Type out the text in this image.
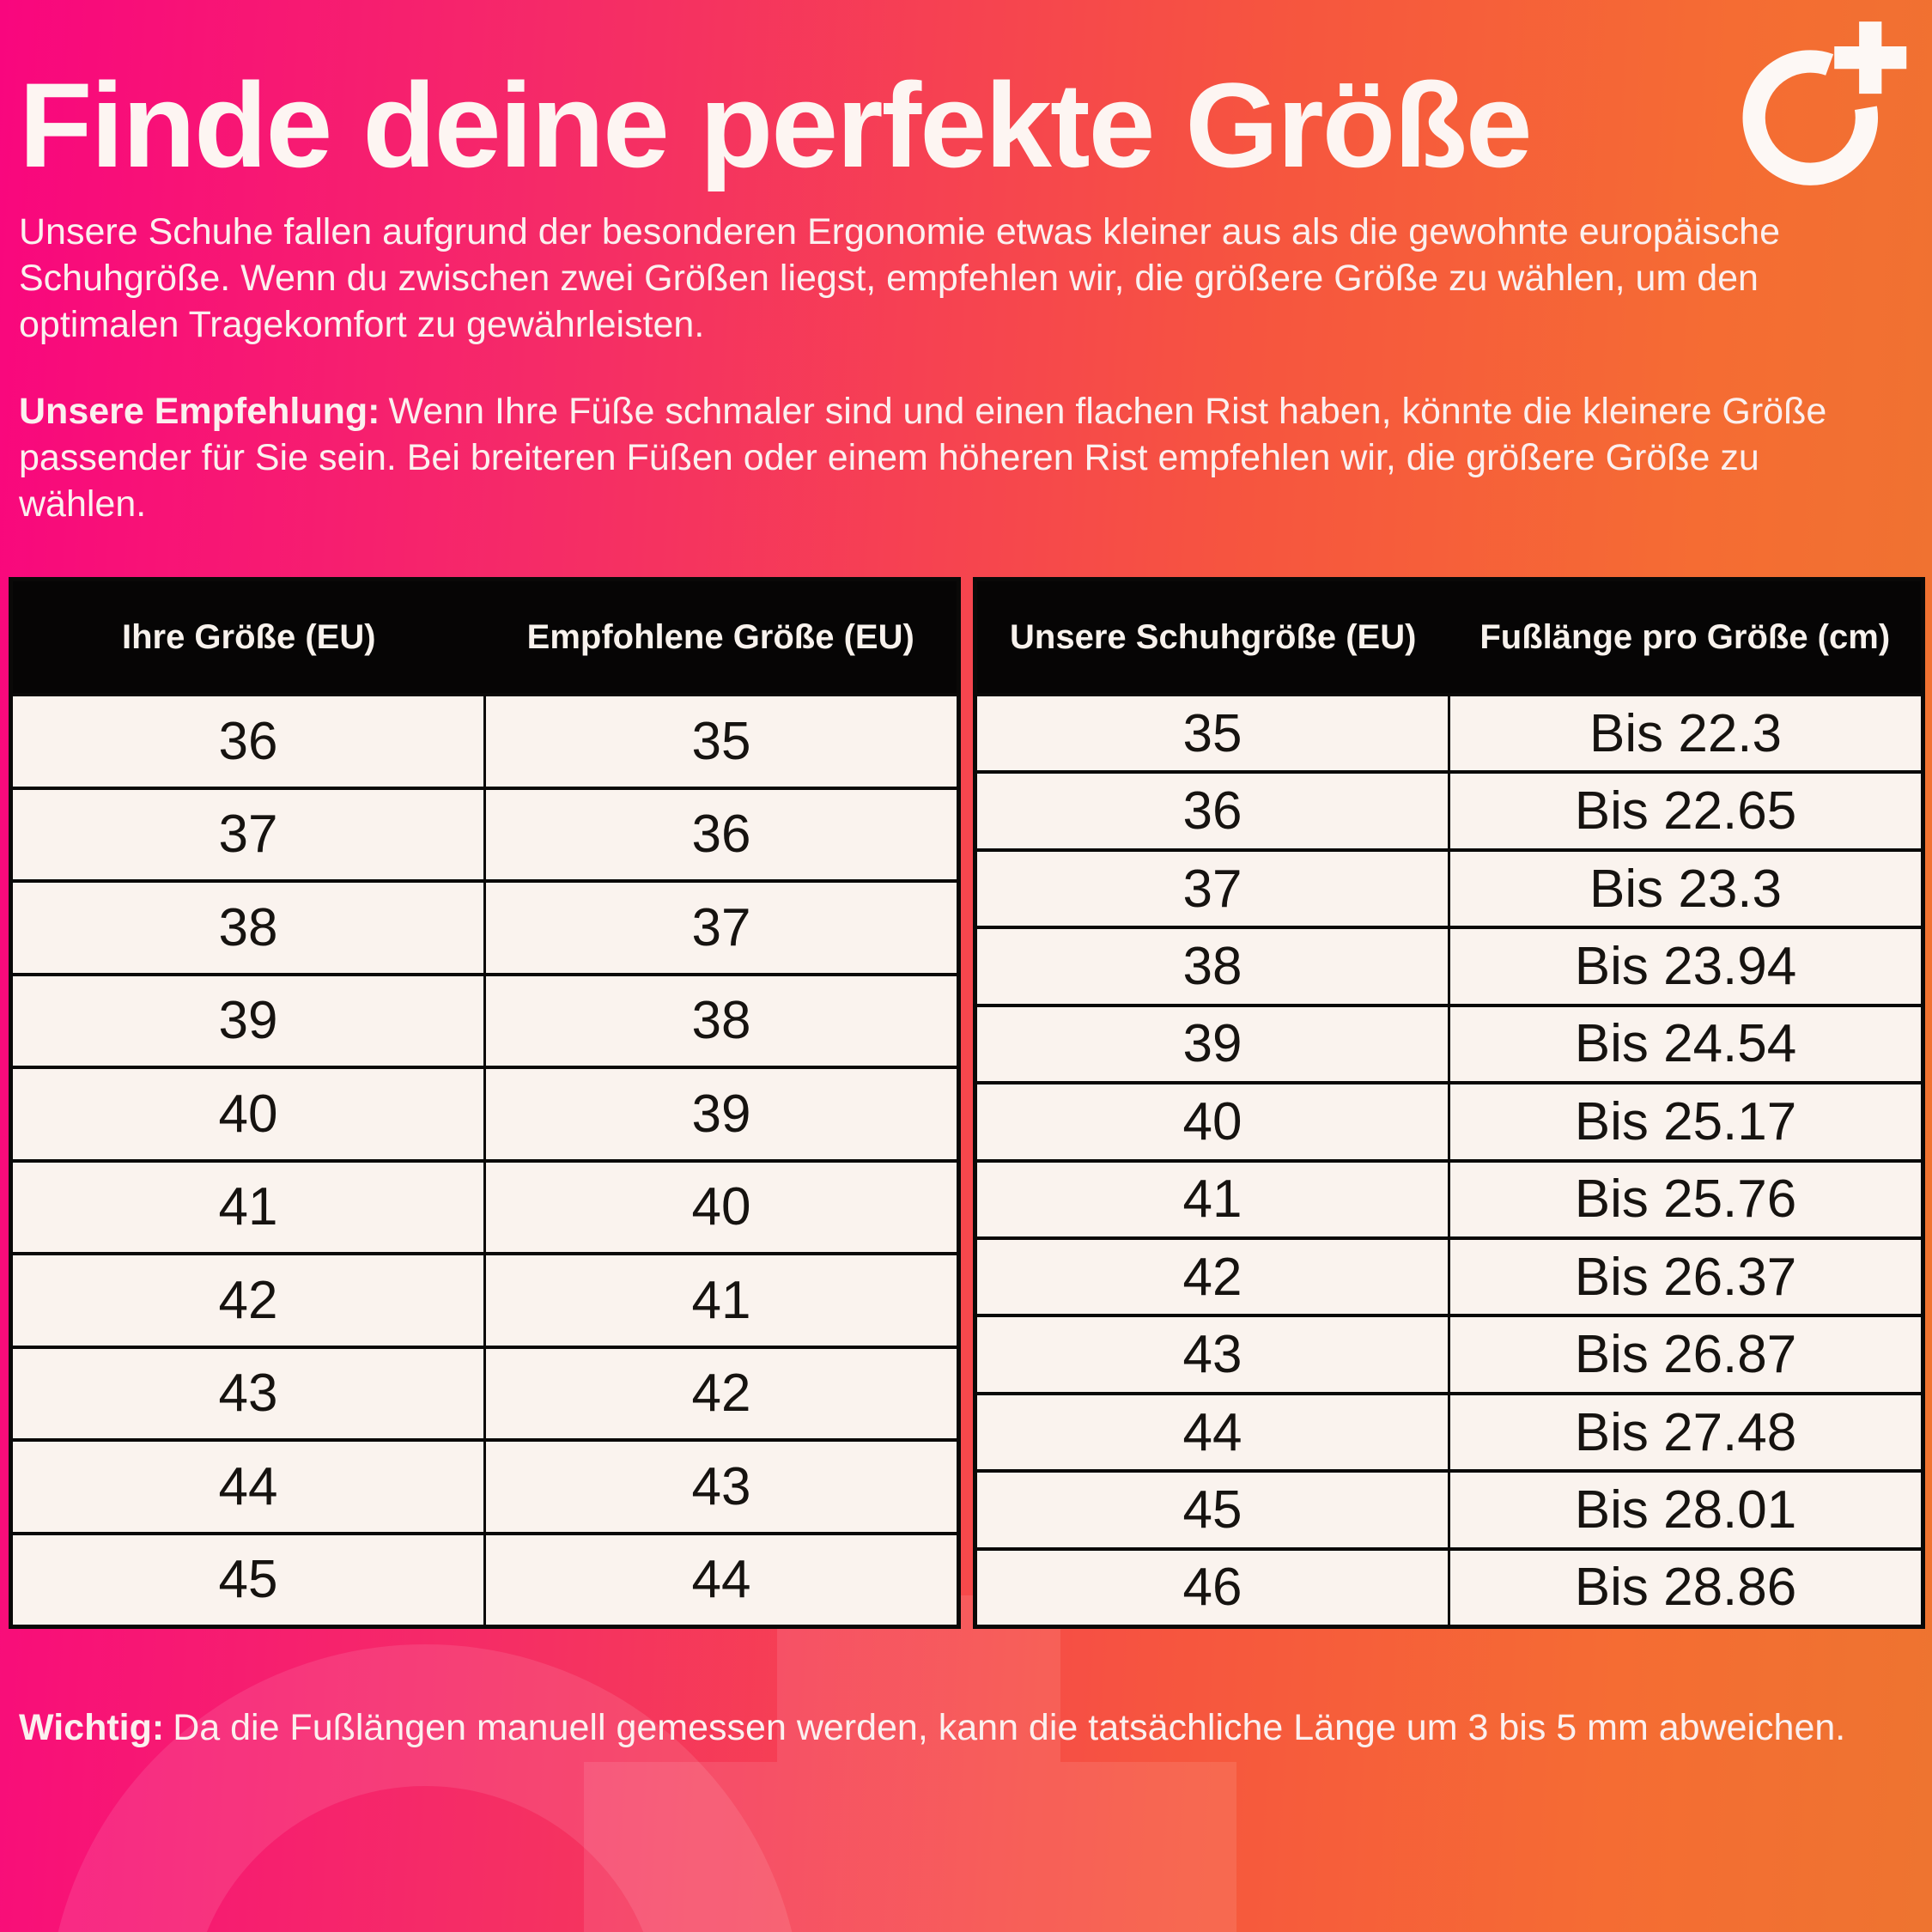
Finde deine perfekte Größe

Unsere Schuhe fallen aufgrund der besonderen Ergonomie etwas kleiner aus als die gewohnte europäische Schuhgröße. Wenn du zwischen zwei Größen liegst, empfehlen wir, die größere Größe zu wählen, um den optimalen Tragekomfort zu gewährleisten.

Unsere Empfehlung: Wenn Ihre Füße schmaler sind und einen flachen Rist haben, könnte die kleinere Größe passender für Sie sein. Bei breiteren Füßen oder einem höheren Rist empfehlen wir, die größere Größe zu wählen.

Ihre Größe (EU)	Empfohlene Größe (EU)
36	35
37	36
38	37
39	38
40	39
41	40
42	41
43	42
44	43
45	44
Unsere Schuhgröße (EU)	Fußlänge pro Größe (cm)
35	Bis 22.3
36	Bis 22.65
37	Bis 23.3
38	Bis 23.94
39	Bis 24.54
40	Bis 25.17
41	Bis 25.76
42	Bis 26.37
43	Bis 26.87
44	Bis 27.48
45	Bis 28.01
46	Bis 28.86

Wichtig: Da die Fußlängen manuell gemessen werden, kann die tatsächliche Länge um 3 bis 5 mm abweichen.
